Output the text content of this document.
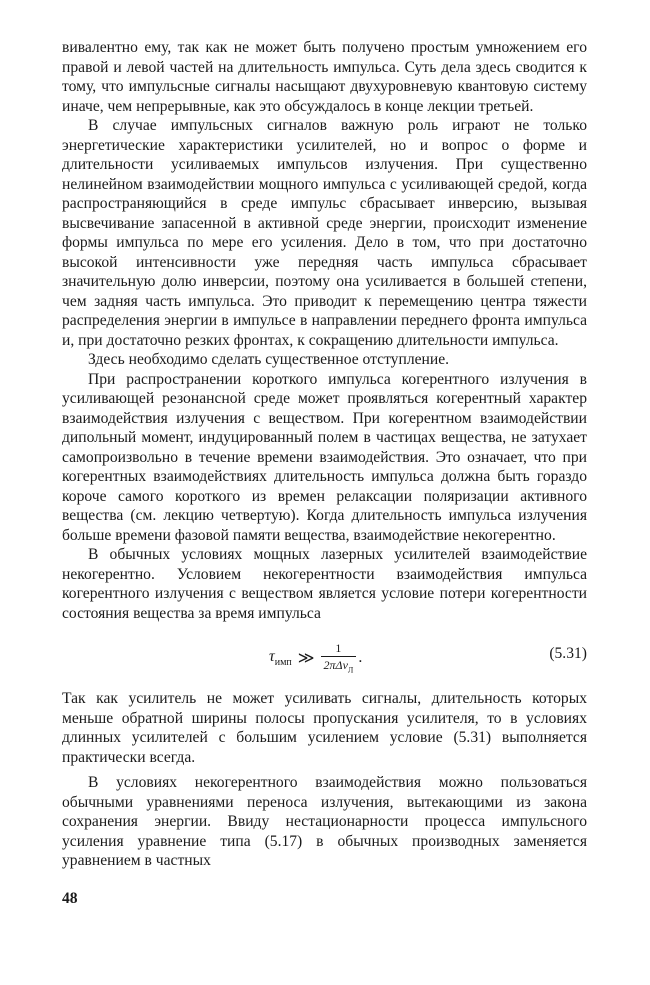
вивалентно ему, так как не может быть получено простым умножением его правой и левой частей на длительность импульса. Суть дела здесь сводится к тому, что импульсные сигналы насыщают двухуровневую квантовую систему иначе, чем непрерывные, как это обсуждалось в конце лекции третьей.

В случае импульсных сигналов важную роль играют не только энергетические характеристики усилителей, но и вопрос о форме и длительности усиливаемых импульсов излучения. При существенно нелинейном взаимодействии мощного импульса с усиливающей средой, когда распространяющийся в среде импульс сбрасывает инверсию, вызывая высвечивание запасенной в активной среде энергии, происходит изменение формы импульса по мере его усиления. Дело в том, что при достаточно высокой интенсивности уже передняя часть импульса сбрасывает значительную долю инверсии, поэтому она усиливается в большей степени, чем задняя часть импульса. Это приводит к перемещению центра тяжести распределения энергии в импульсе в направлении переднего фронта импульса и, при достаточно резких фронтах, к сокращению длительности импульса.

Здесь необходимо сделать существенное отступление.

При распространении короткого импульса когерентного излучения в усиливающей резонансной среде может проявляться когерентный характер взаимодействия излучения с веществом. При когерентном взаимодействии дипольный момент, индуцированный полем в частицах вещества, не затухает самопроизвольно в течение времени взаимодействия. Это означает, что при когерентных взаимодействиях длительность импульса должна быть гораздо короче самого короткого из времен релаксации поляризации активного вещества (см. лекцию четвертую). Когда длительность импульса излучения больше времени фазовой памяти вещества, взаимодействие некогерентно.

В обычных условиях мощных лазерных усилителей взаимодействие некогерентно. Условием некогерентности взаимодействия импульса когерентного излучения с веществом является условие потери когерентности состояния вещества за время импульса

$\tau_{имп}$ ≫ $\frac{1}{2\pi\Delta\nu_Л}$ .	(5.31)

Так как усилитель не может усиливать сигналы, длительность которых меньше обратной ширины полосы пропускания усилителя, то в условиях длинных усилителей с большим усилением условие (5.31) выполняется практически всегда.

В условиях некогерентного взаимодействия можно пользоваться обычными уравнениями переноса излучения, вытекающими из закона сохранения энергии. Ввиду нестационарности процесса импульсного усиления уравнение типа (5.17) в обычных производных заменяется уравнением в частных

48
